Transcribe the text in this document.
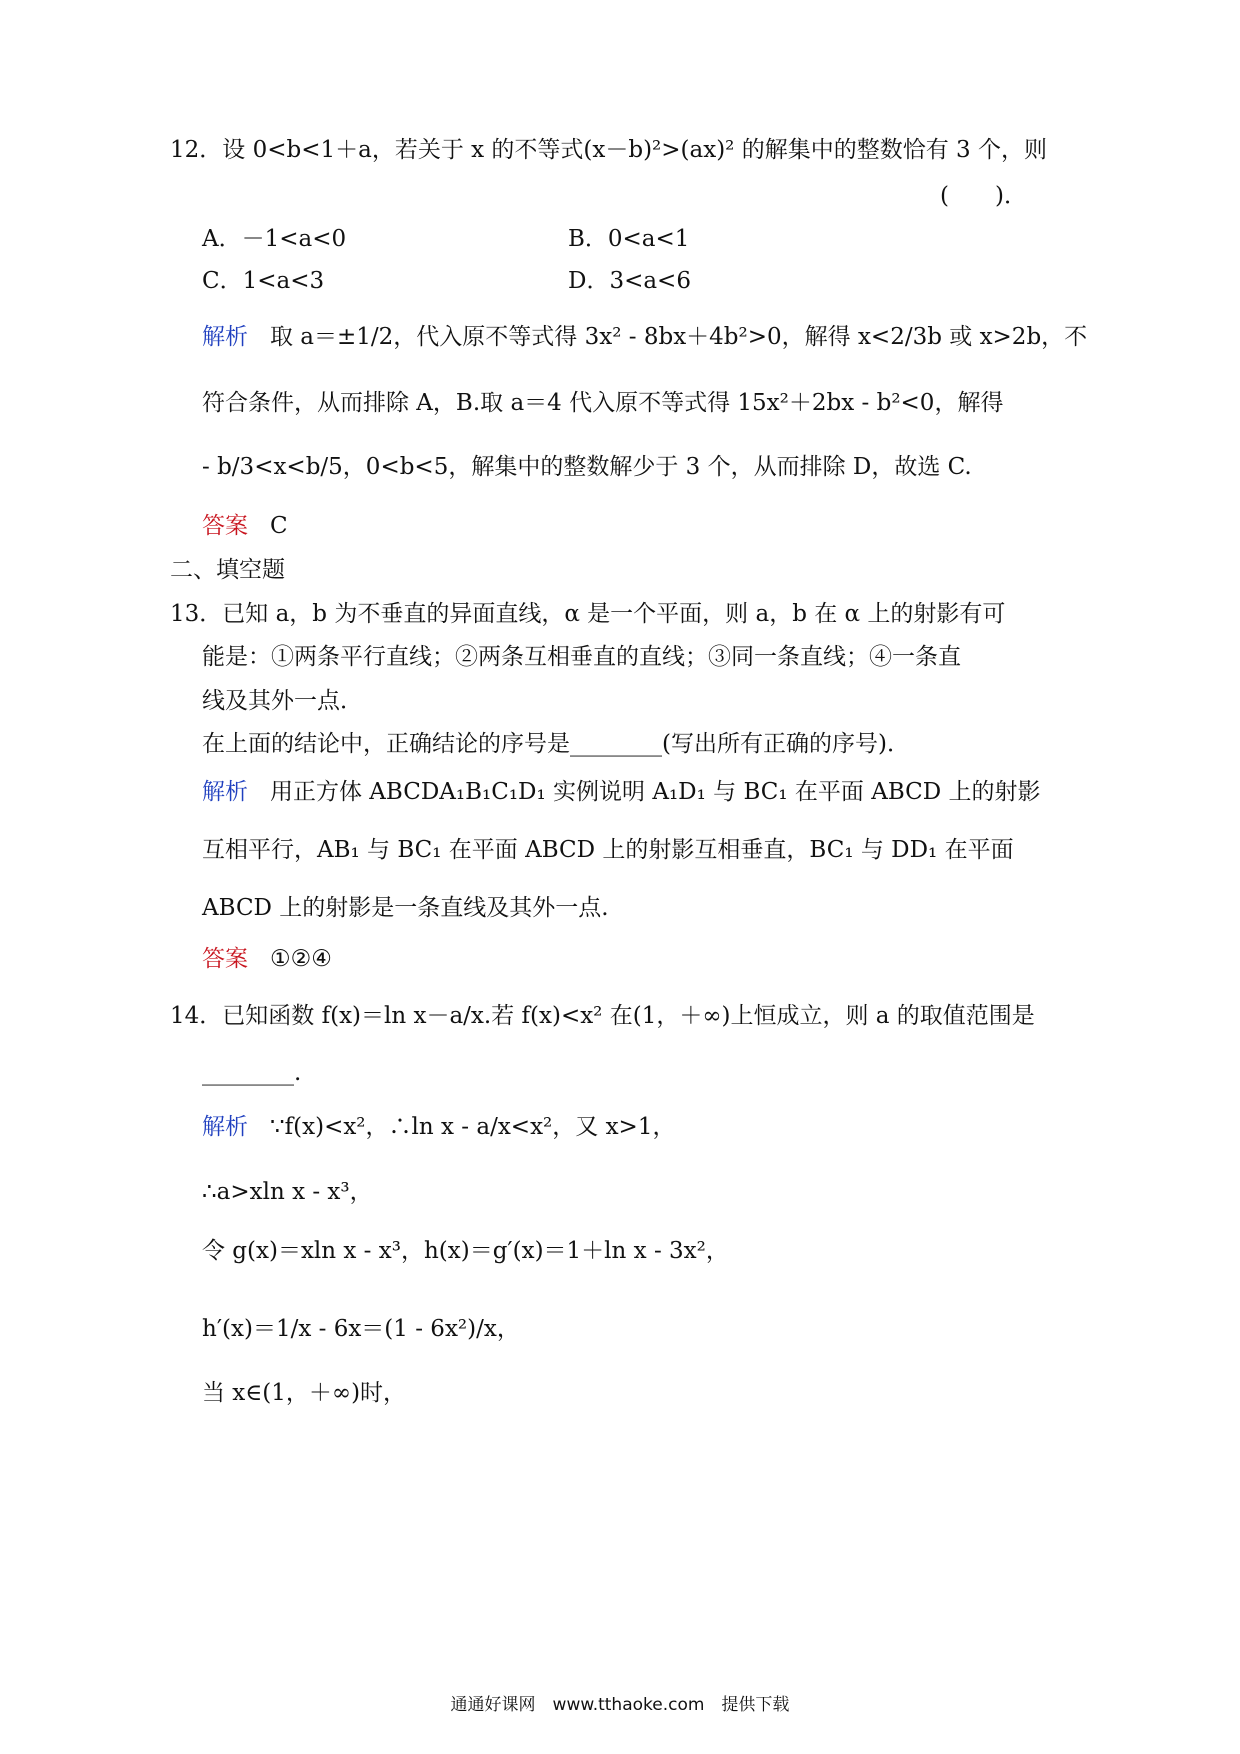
12．设 0<b<1＋a，若关于 x 的不等式(x－b)²>(ax)² 的解集中的整数恰有 3 个，则
(　　)．
A．－1<a<0	B．0<a<1
C．1<a<3	D．3<a<6
解析 取 a＝±1/2，代入原不等式得 3x² - 8bx＋4b²>0，解得 x<2/3b 或 x>2b，不
符合条件，从而排除 A，B.取 a＝4 代入原不等式得 15x²＋2bx - b²<0，解得
- b/3<x<b/5，0<b<5，解集中的整数解少于 3 个，从而排除 D，故选 C.
答案 C
二、填空题
13．已知 a，b 为不垂直的异面直线，α 是一个平面，则 a，b 在 α 上的射影有可
能是：①两条平行直线；②两条互相垂直的直线；③同一条直线；④一条直
线及其外一点．
在上面的结论中，正确结论的序号是________(写出所有正确的序号)．
解析 用正方体 ABCDA₁B₁C₁D₁ 实例说明 A₁D₁ 与 BC₁ 在平面 ABCD 上的射影
互相平行，AB₁ 与 BC₁ 在平面 ABCD 上的射影互相垂直，BC₁ 与 DD₁ 在平面
ABCD 上的射影是一条直线及其外一点.
答案 ①②④
14．已知函数 f(x)＝ln x－a/x.若 f(x)<x² 在(1，＋∞)上恒成立，则 a 的取值范围是
________.
解析 ∵f(x)<x²，∴ln x - a/x<x²，又 x>1，
∴a>xln x - x³，
令 g(x)＝xln x - x³，h(x)＝g′(x)＝1＋ln x - 3x²，
h′(x)＝1/x - 6x＝(1 - 6x²)/x，
当 x∈(1，＋∞)时，
通通好课网　www.tthaoke.com　提供下载
